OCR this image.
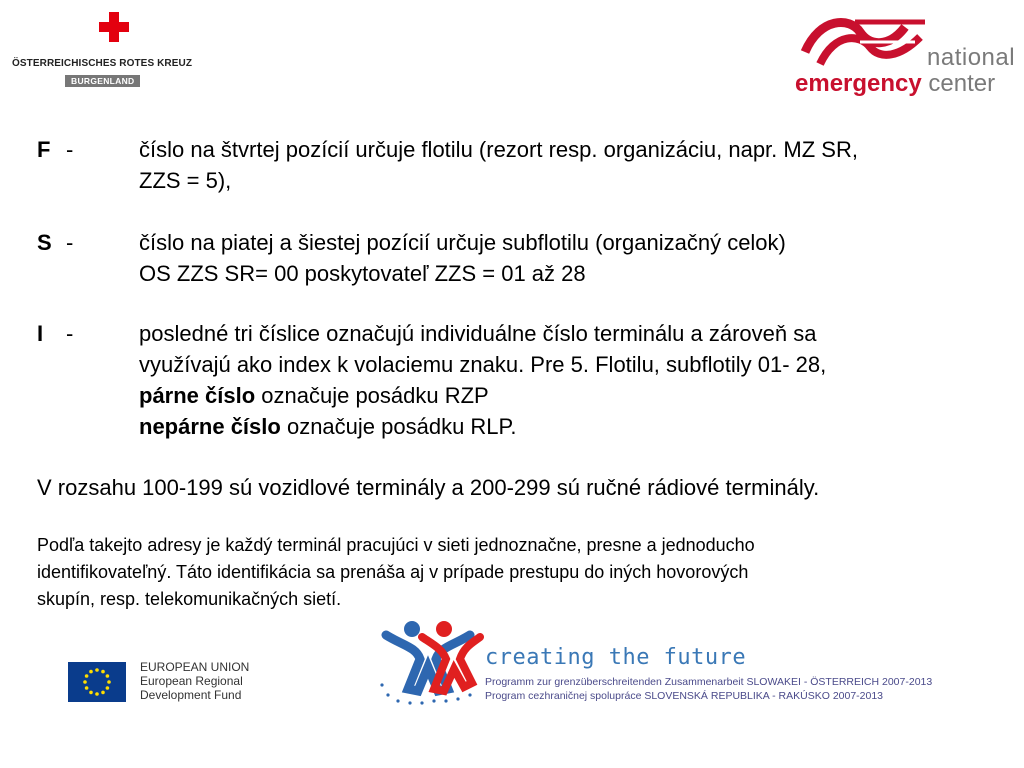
ÖSTERREICHISCHES ROTES KREUZ
BURGENLAND
national
emergency center
F -	číslo na štvrtej pozícií určuje flotilu (rezort resp. organizáciu, napr. MZ SR,
ZZS = 5),
S -	číslo na piatej a šiestej pozícií určuje subflotilu (organizačný celok)
OS ZZS SR= 00 poskytovateľ ZZS = 01 až 28
I -	posledné tri číslice označujú individuálne číslo terminálu a zároveň sa
využívajú ako index k volaciemu znaku. Pre 5. Flotilu, subflotily 01- 28,
párne číslo označuje posádku RZP
nepárne číslo označuje posádku RLP.
V rozsahu 100-199 sú vozidlové terminály a 200-299 sú ručné rádiové terminály.
Podľa takejto adresy je každý terminál pracujúci v sieti jednoznačne, presne a jednoducho
identifikovateľný. Táto identifikácia sa prenáša aj v prípade prestupu do iných hovorových
skupín, resp. telekomunikačných sietí.
EUROPEAN UNION
European Regional
Development Fund
creating the future
Programm zur grenzüberschreitenden Zusammenarbeit SLOWAKEI - ÖSTERREICH 2007-2013
Program cezhraničnej spolupráce SLOVENSKÁ REPUBLIKA - RAKÚSKO 2007-2013
